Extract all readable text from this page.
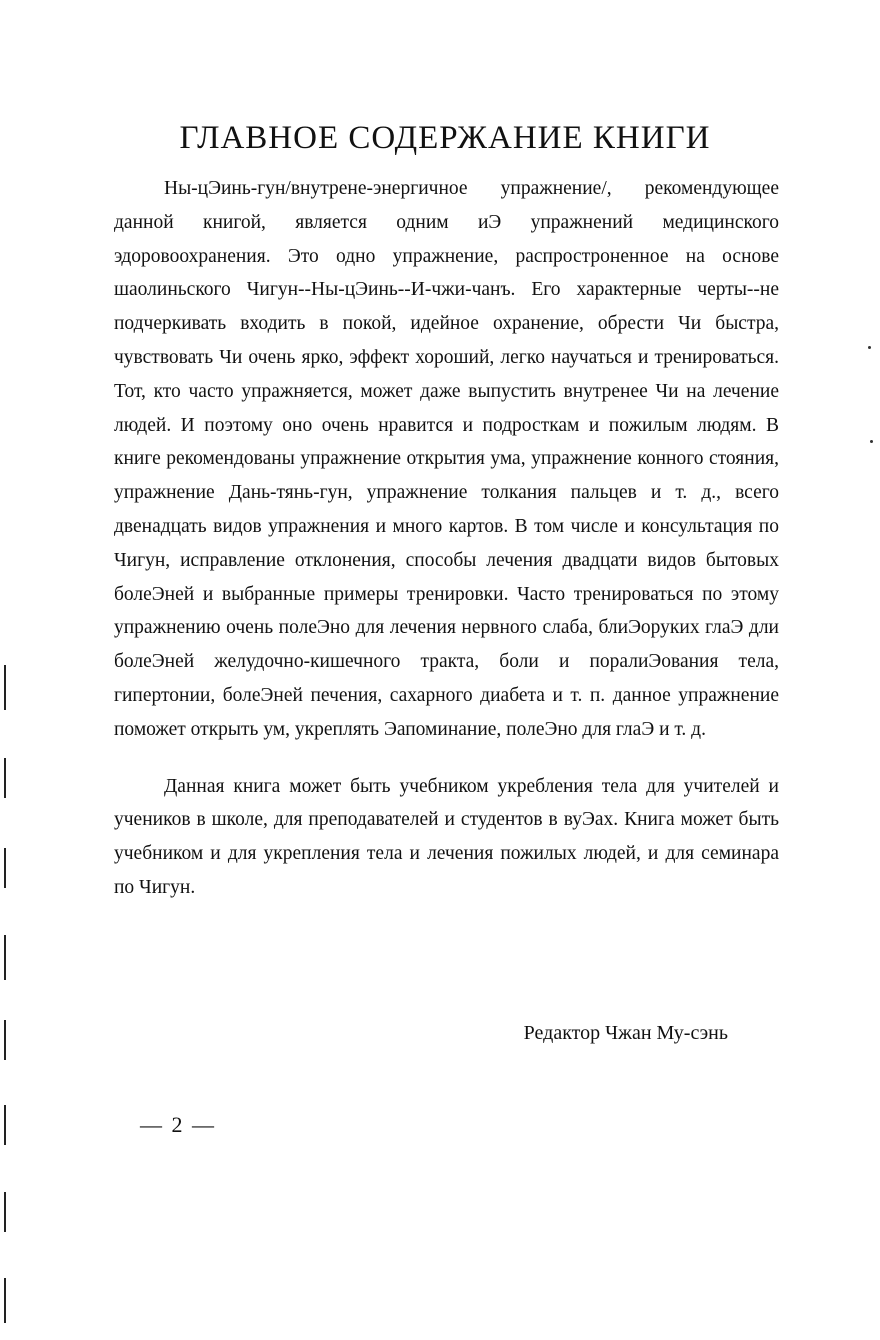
ГЛАВНОЕ СОДЕРЖАНИЕ КНИГИ

Ны-цЭинь-гун/внутрене-энергичное упражнение/, рекомендующее данной книгой, является одним иЭ упражнений медицинского эдоровоохранения. Это одно упражнение, распростроненное на основе шаолиньского Чигун--Ны-цЭинь--И-чжи-чанъ. Его характерные черты--не подчеркивать входить в покой, идейное охранение, обрести Чи быстра, чувствовать Чи очень ярко, эффект хороший, легко научаться и тренироваться. Тот, кто часто упражняется, может даже выпустить внутренее Чи на лечение людей. И поэтому оно очень нравится и подросткам и пожилым людям. В книге рекомендованы упражнение открытия ума, упражнение конного стояния, упражнение Дань-тянь-гун, упражнение толкания пальцев и т. д., всего двенадцать видов упражнения и много картов. В том числе и консультация по Чигун, исправление отклонения, способы лечения двадцати видов бытовых болеЭней и выбранные примеры тренировки. Часто тренироваться по этому упражнению очень полеЭно для лечения нервного слаба, блиЭоруких глаЭ дли болеЭней желудочно-кишечного тракта, боли и поралиЭования тела, гипертонии, болеЭней печения, сахарного диабета и т. п. данное упражнение поможет открыть ум, укреплять Эапоминание, полеЭно для глаЭ и т. д.

Данная книга может быть учебником укребления тела для учителей и учеников в школе, для преподавателей и студентов в вуЭах. Книга может быть учебником и для укрепления тела и лечения пожилых людей, и для семинара по Чигун.

Редактор Чжан Му-сэнь

— 2 —
